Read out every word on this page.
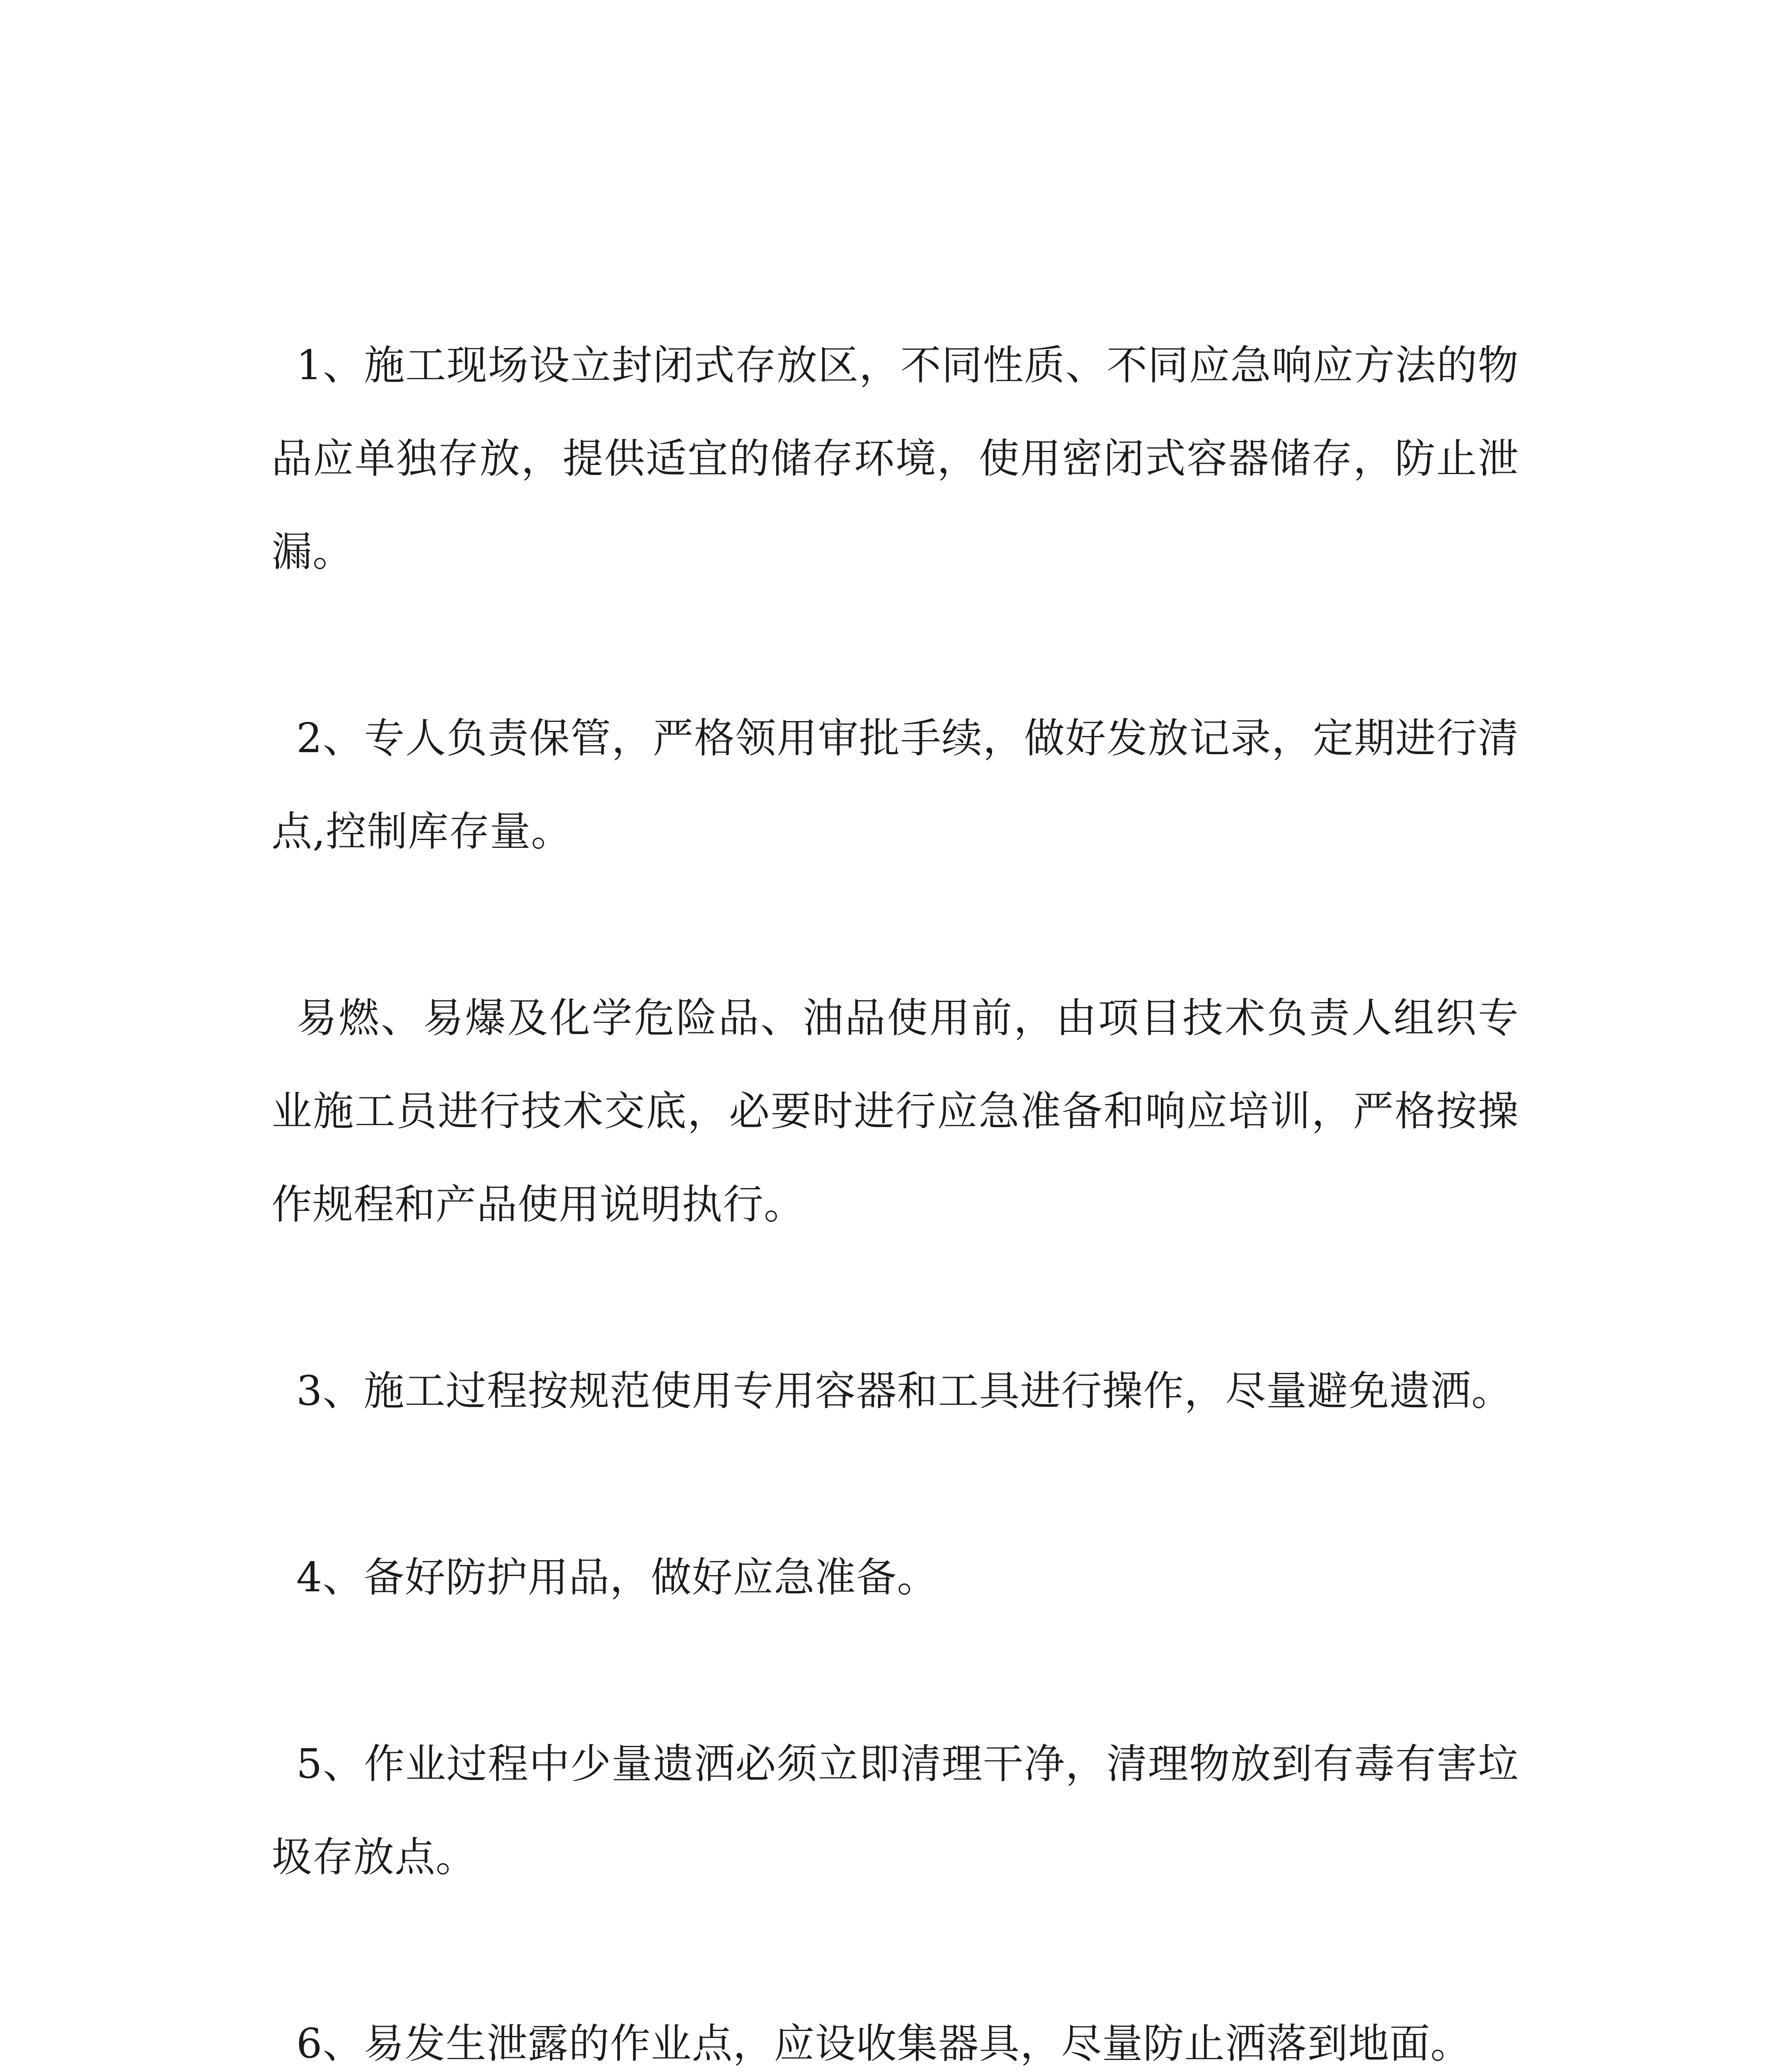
1、施工现场设立封闭式存放区，不同性质、不同应急响应方法的物品应单独存放，提供适宜的储存环境，使用密闭式容器储存，防止泄漏。

2、专人负责保管，严格领用审批手续，做好发放记录，定期进行清点,控制库存量。

易燃、易爆及化学危险品、油品使用前，由项目技术负责人组织专业施工员进行技术交底，必要时进行应急准备和响应培训，严格按操作规程和产品使用说明执行。

3、施工过程按规范使用专用容器和工具进行操作，尽量避免遗洒。

4、备好防护用品，做好应急准备。

5、作业过程中少量遗洒必须立即清理干净，清理物放到有毒有害垃圾存放点。

6、易发生泄露的作业点，应设收集器具，尽量防止洒落到地面。
